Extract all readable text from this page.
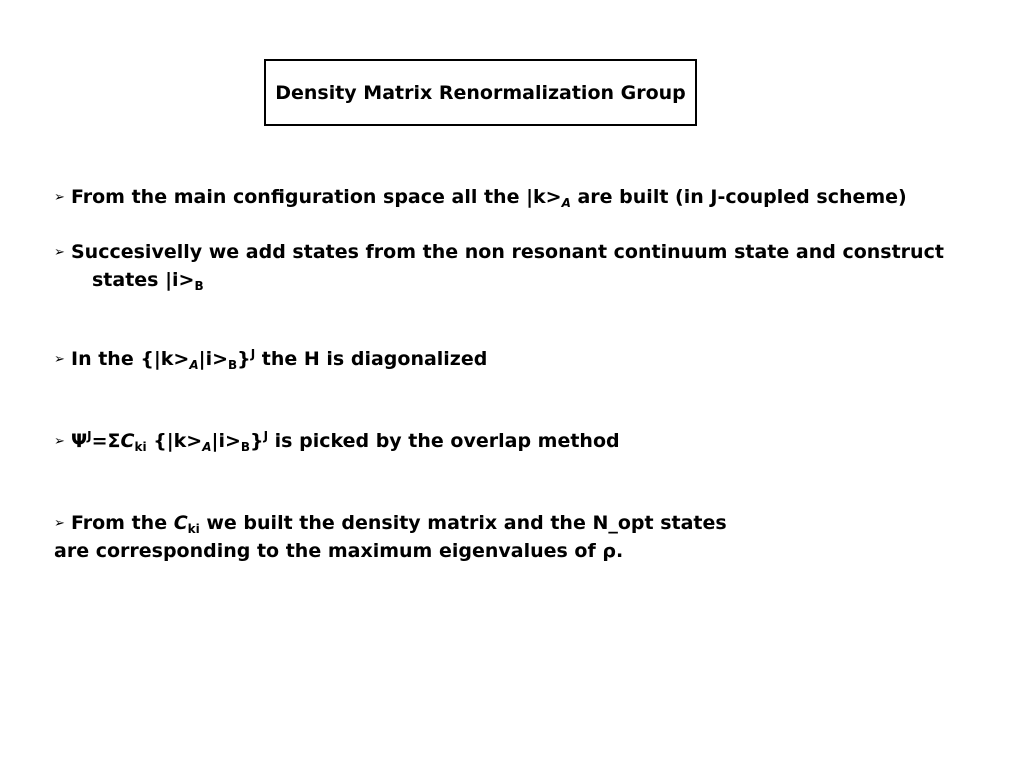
Density Matrix Renormalization Group
➢ From the main configuration space all the $|k>_A$ are built (in J-coupled scheme)
➢ Succesivelly we add states from the non resonant continuum state and construct
states $|i>_B$
➢ In the $\{|k>_A|i>_B\}^J$ the H is diagonalized
➢ $\Psi^J=\Sigma C_{ki}$ $\{|k>_A|i>_B\}^J$ is picked by the overlap method
➢ From the $C_{ki}$ we built the density matrix and the N_opt states
are corresponding to the maximum eigenvalues of ρ.
